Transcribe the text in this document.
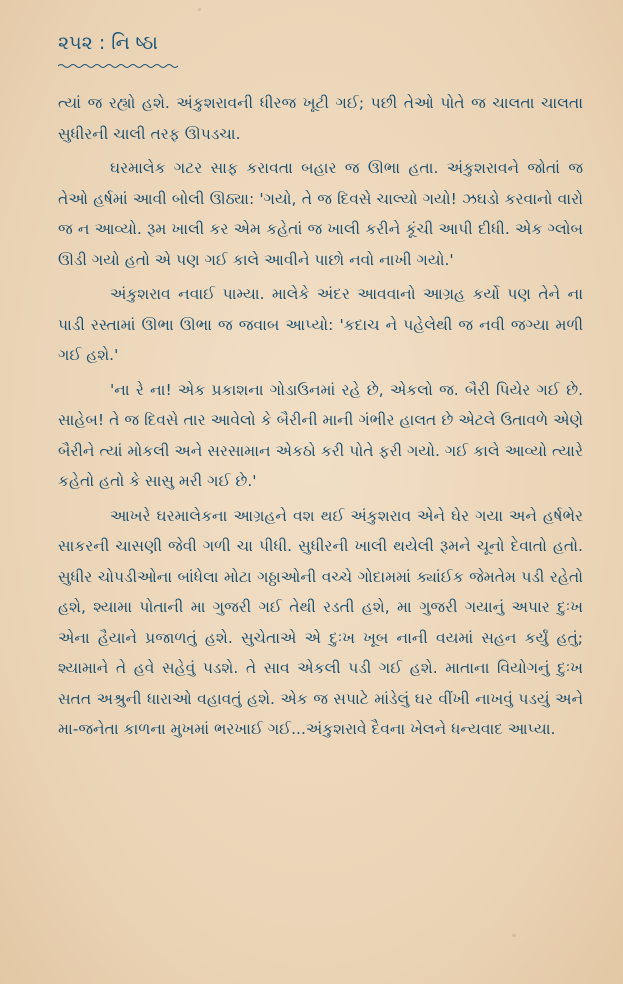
૨૫૨ : નિ ષ્ઠા

ત્યાં જ રહ્યો હશે. અંકુશરાવની ધીરજ ખૂટી ગઈ; પછી તેઓ પોતે જ ચાલતા ચાલતા સુધીરની ચાલી તરફ ઊપડચા.

ઘરમાલેક ગટર સાફ કરાવતા બહાર જ ઊભા હતા. અંકુશરાવને જોતાં જ તેઓ હર્ષમાં આવી બોલી ઊઠ્યા: 'ગયો, તે જ દિવસે ચાલ્યો ગયો! ઝઘડો કરવાનો વારો જ ન આવ્યો. રૂમ ખાલી કર એમ કહેતાં જ ખાલી કરીને કૂંચી આપી દીધી. એક ગ્લોબ ઊડી ગયો હતો એ પણ ગઈ કાલે આવીને પાછો નવો નાખી ગયો.'

અંકુશરાવ નવાઈ પામ્યા. માલેકે અંદર આવવાનો આગ્રહ કર્યો પણ તેને ના પાડી રસ્તામાં ઊભા ઊભા જ જવાબ આપ્યો: 'કદાચ ને પહેલેથી જ નવી જગ્યા મળી ગઈ હશે.'

'ના રે ના! એક પ્રકાશના ગોડાઉનમાં રહે છે, એકલો જ. બૈરી પિયેર ગઈ છે. સાહેબ! તે જ દિવસે તાર આવેલો કે બૈરીની માની ગંભીર હાલત છે એટલે ઉતાવળે એણે બૈરીને ત્યાં મોકલી અને સરસામાન એકઠો કરી પોતે ફરી ગયો. ગઈ કાલે આવ્યો ત્યારે કહેતો હતો કે સાસુ મરી ગઈ છે.'

આખરે ઘરમાલેકના આગ્રહને વશ થઈ અંકુશરાવ એને ઘેર ગયા અને હર્ષભેર સાકરની ચાસણી જેવી ગળી ચા પીધી. સુધીરની ખાલી થયેલી રૂમને ચૂનો દેવાતો હતો. સુધીર ચોપડીઓના બાંધેલા મોટા ગઠ્ઠાઓની વચ્ચે ગોદામમાં ક્યાંઈક જેમતેમ પડી રહેતો હશે, શ્યામા પોતાની મા ગુજરી ગઈ તેથી રડતી હશે, મા ગુજરી ગયાનું અપાર દુઃખ એના હૈયાને પ્રજાળતું હશે. સુચેતાએ એ દુઃખ ખૂબ નાની વયમાં સહન કર્યું હતું; શ્યામાને તે હવે સહેવું પડશે. તે સાવ એકલી પડી ગઈ હશે. માતાના વિયોગનું દુઃખ સતત અશ્રુની ધારાઓ વહાવતું હશે. એક જ સપાટે માંડેલું ઘર વીંખી નાખવું પડયું અને મા-જનેતા કાળના મુખમાં ભરખાઈ ગઈ...અંકુશરાવે દૈવના ખેલને ધન્યવાદ આપ્યા.
